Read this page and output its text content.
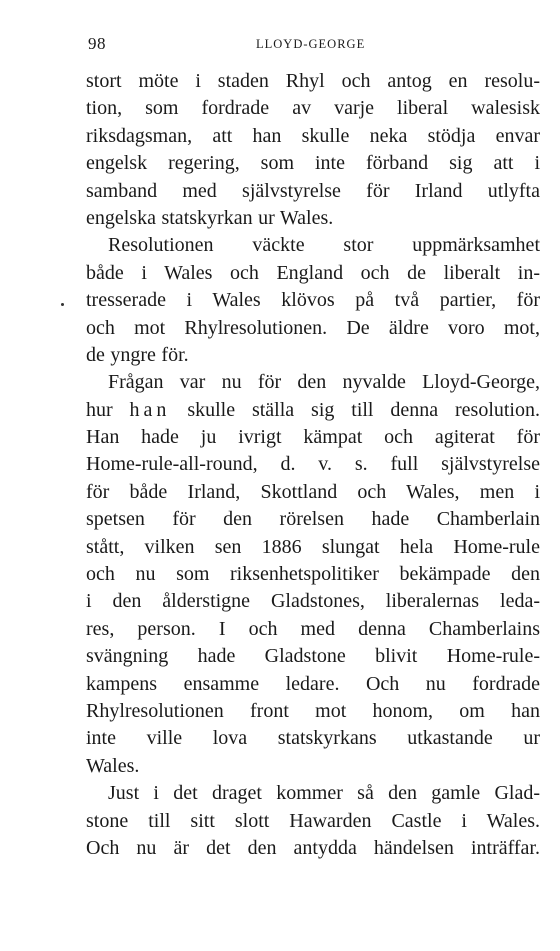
98	LLOYD-GEORGE
stort möte i staden Rhyl och antog en resolu-
tion, som fordrade av varje liberal walesisk
riksdagsman, att han skulle neka stödja envar
engelsk regering, som inte förband sig att i
samband med självstyrelse för Irland utlyfta
engelska statskyrkan ur Wales.
Resolutionen väckte stor uppmärksamhet
både i Wales och England och de liberalt in-
tresserade i Wales klövos på två partier, för
och mot Rhylresolutionen. De äldre voro mot,
de yngre för.
Frågan var nu för den nyvalde Lloyd-George,
hur han skulle ställa sig till denna resolution.
Han hade ju ivrigt kämpat och agiterat för
Home-rule-all-round, d. v. s. full självstyrelse
för både Irland, Skottland och Wales, men i
spetsen för den rörelsen hade Chamberlain
stått, vilken sen 1886 slungat hela Home-rule
och nu som riksenhetspolitiker bekämpade den
i den ålderstigne Gladstones, liberalernas leda-
res, person. I och med denna Chamberlains
svängning hade Gladstone blivit Home-rule-
kampens ensamme ledare. Och nu fordrade
Rhylresolutionen front mot honom, om han
inte ville lova statskyrkans utkastande ur
Wales.
Just i det draget kommer så den gamle Glad-
stone till sitt slott Hawarden Castle i Wales.
Och nu är det den antydda händelsen inträffar.
